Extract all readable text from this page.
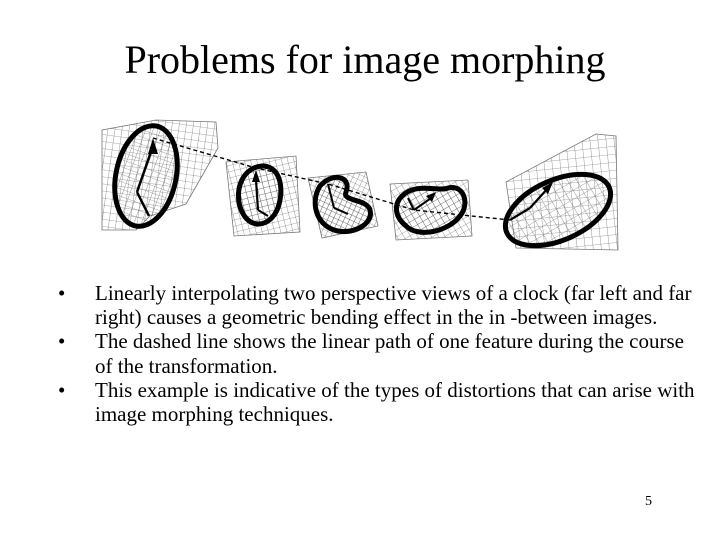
Problems for image morphing
• Linearly interpolating two perspective views of a clock (far left and far right) causes a geometric bending effect in the in -between images.
• The dashed line shows the linear path of one feature during the course of the transformation.
• This example is indicative of the types of distortions that can arise with image morphing techniques.
5
